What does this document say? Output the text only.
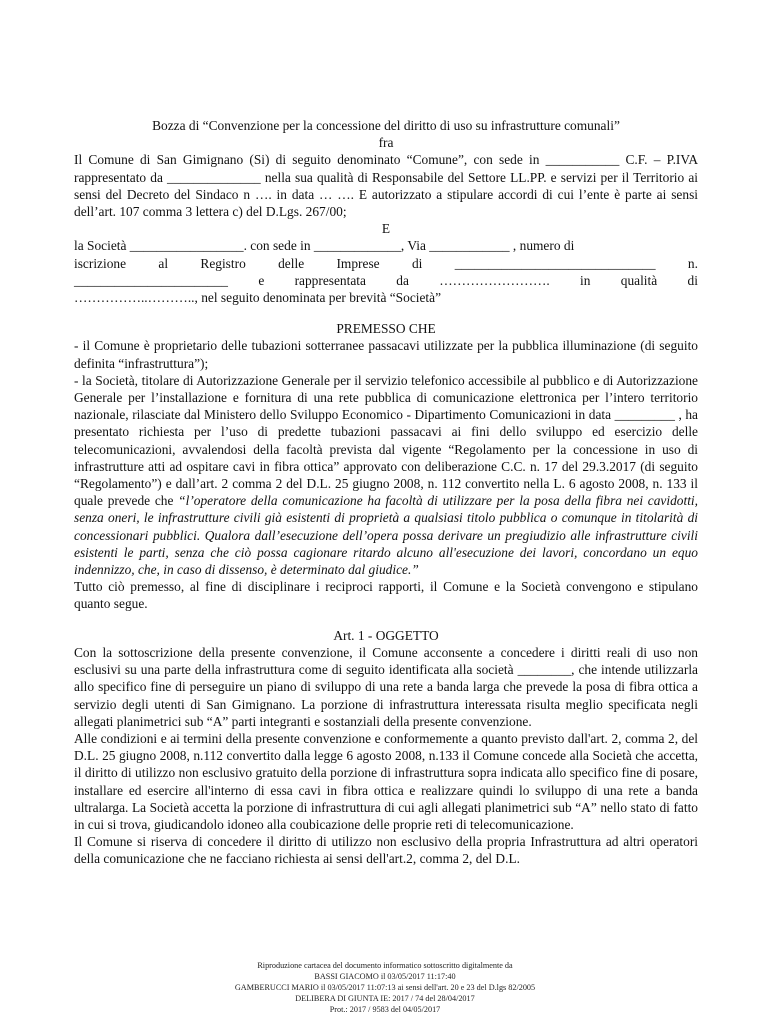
Bozza di “Convenzione per la concessione del diritto di uso su infrastrutture comunali”

fra

Il Comune di San Gimignano (Si) di seguito denominato “Comune”, con sede in ___________ C.F. – P.IVA rappresentato da ______________ nella sua qualità di Responsabile del Settore LL.PP. e servizi per il Territorio ai sensi del Decreto del Sindaco n …. in data … …. E autorizzato a stipulare accordi di cui l’ente è parte ai sensi dell’art. 107 comma 3 lettera c) del D.Lgs. 267/00;

E

la Società _________________. con sede in _____________, Via ____________ , numero di

iscrizione al Registro delle Imprese di ______________________________ n.
_______________________ e rappresentata da ……………………. in qualità di

……………..……….., nel seguito denominata per brevità “Società”

PREMESSO CHE

- il Comune è proprietario delle tubazioni sotterranee passacavi utilizzate per la pubblica illuminazione (di seguito definita “infrastruttura”);

- la Società, titolare di Autorizzazione Generale per il servizio telefonico accessibile al pubblico e di Autorizzazione Generale per l’installazione e fornitura di una rete pubblica di comunicazione elettronica per l’intero territorio nazionale, rilasciate dal Ministero dello Sviluppo Economico - Dipartimento Comunicazioni in data _________ , ha presentato richiesta per l’uso di predette tubazioni passacavi ai fini dello sviluppo ed esercizio delle telecomunicazioni, avvalendosi della facoltà prevista dal vigente “Regolamento per la concessione in uso di infrastrutture atti ad ospitare cavi in fibra ottica” approvato con deliberazione C.C. n. 17 del 29.3.2017 (di seguito “Regolamento”) e dall’art. 2 comma 2 del D.L. 25 giugno 2008, n. 112 convertito nella L. 6 agosto 2008, n. 133 il quale prevede che “l’operatore della comunicazione ha facoltà di utilizzare per la posa della fibra nei cavidotti, senza oneri, le infrastrutture civili già esistenti di proprietà a qualsiasi titolo pubblica o comunque in titolarità di concessionari pubblici. Qualora dall’esecuzione dell’opera possa derivare un pregiudizio alle infrastrutture civili esistenti le parti, senza che ciò possa cagionare ritardo alcuno all'esecuzione dei lavori, concordano un equo indennizzo, che, in caso di dissenso, è determinato dal giudice.”

Tutto ciò premesso, al fine di disciplinare i reciproci rapporti, il Comune e la Società convengono e stipulano quanto segue.

Art. 1 - OGGETTO

Con la sottoscrizione della presente convenzione, il Comune acconsente a concedere i diritti reali di uso non esclusivi su una parte della infrastruttura come di seguito identificata alla società ________, che intende utilizzarla allo specifico fine di perseguire un piano di sviluppo di una rete a banda larga che prevede la posa di fibra ottica a servizio degli utenti di San Gimignano. La porzione di infrastruttura interessata risulta meglio specificata negli allegati planimetrici sub “A” parti integranti e sostanziali della presente convenzione.

Alle condizioni e ai termini della presente convenzione e conformemente a quanto previsto dall'art. 2, comma 2, del D.L. 25 giugno 2008, n.112 convertito dalla legge 6 agosto 2008, n.133 il Comune concede alla Società che accetta, il diritto di utilizzo non esclusivo gratuito della porzione di infrastruttura sopra indicata allo specifico fine di posare, installare ed esercire all'interno di essa cavi in fibra ottica e realizzare quindi lo sviluppo di una rete a banda ultralarga. La Società accetta la porzione di infrastruttura di cui agli allegati planimetrici sub “A” nello stato di fatto in cui si trova, giudicandolo idoneo alla coubicazione delle proprie reti di telecomunicazione.

Il Comune si riserva di concedere il diritto di utilizzo non esclusivo della propria Infrastruttura ad altri operatori della comunicazione che ne facciano richiesta ai sensi dell'art.2, comma 2, del D.L.

Riproduzione cartacea del documento informatico sottoscritto digitalmente da
BASSI GIACOMO il 03/05/2017 11:17:40
GAMBERUCCI MARIO il 03/05/2017 11:07:13 ai sensi dell'art. 20 e 23 del D.lgs 82/2005
DELIBERA DI GIUNTA IE: 2017 / 74 del 28/04/2017
Prot.: 2017 / 9583 del 04/05/2017
